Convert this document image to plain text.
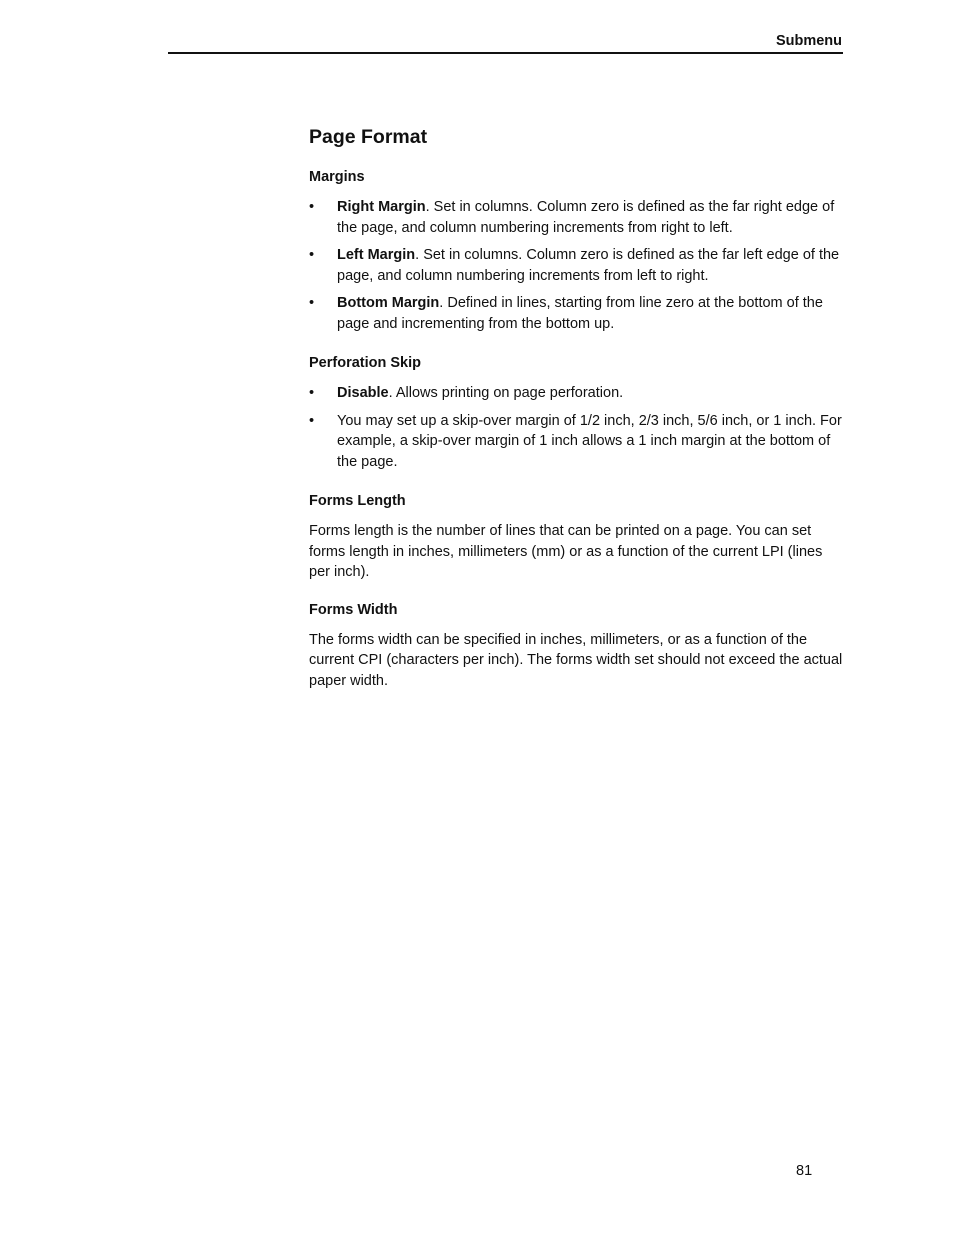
Submenu
Page Format
Margins
• Right Margin. Set in columns. Column zero is defined as the far right edge of the page, and column numbering increments from right to left.
• Left Margin. Set in columns. Column zero is defined as the far left edge of the page, and column numbering increments from left to right.
• Bottom Margin. Defined in lines, starting from line zero at the bottom of the page and incrementing from the bottom up.
Perforation Skip
• Disable. Allows printing on page perforation.
• You may set up a skip-over margin of 1/2 inch, 2/3 inch, 5/6 inch, or 1 inch. For example, a skip-over margin of 1 inch allows a 1 inch margin at the bottom of the page.
Forms Length

Forms length is the number of lines that can be printed on a page. You can set forms length in inches, millimeters (mm) or as a function of the current LPI (lines per inch).

Forms Width

The forms width can be specified in inches, millimeters, or as a function of the current CPI (characters per inch). The forms width set should not exceed the actual paper width.

81
